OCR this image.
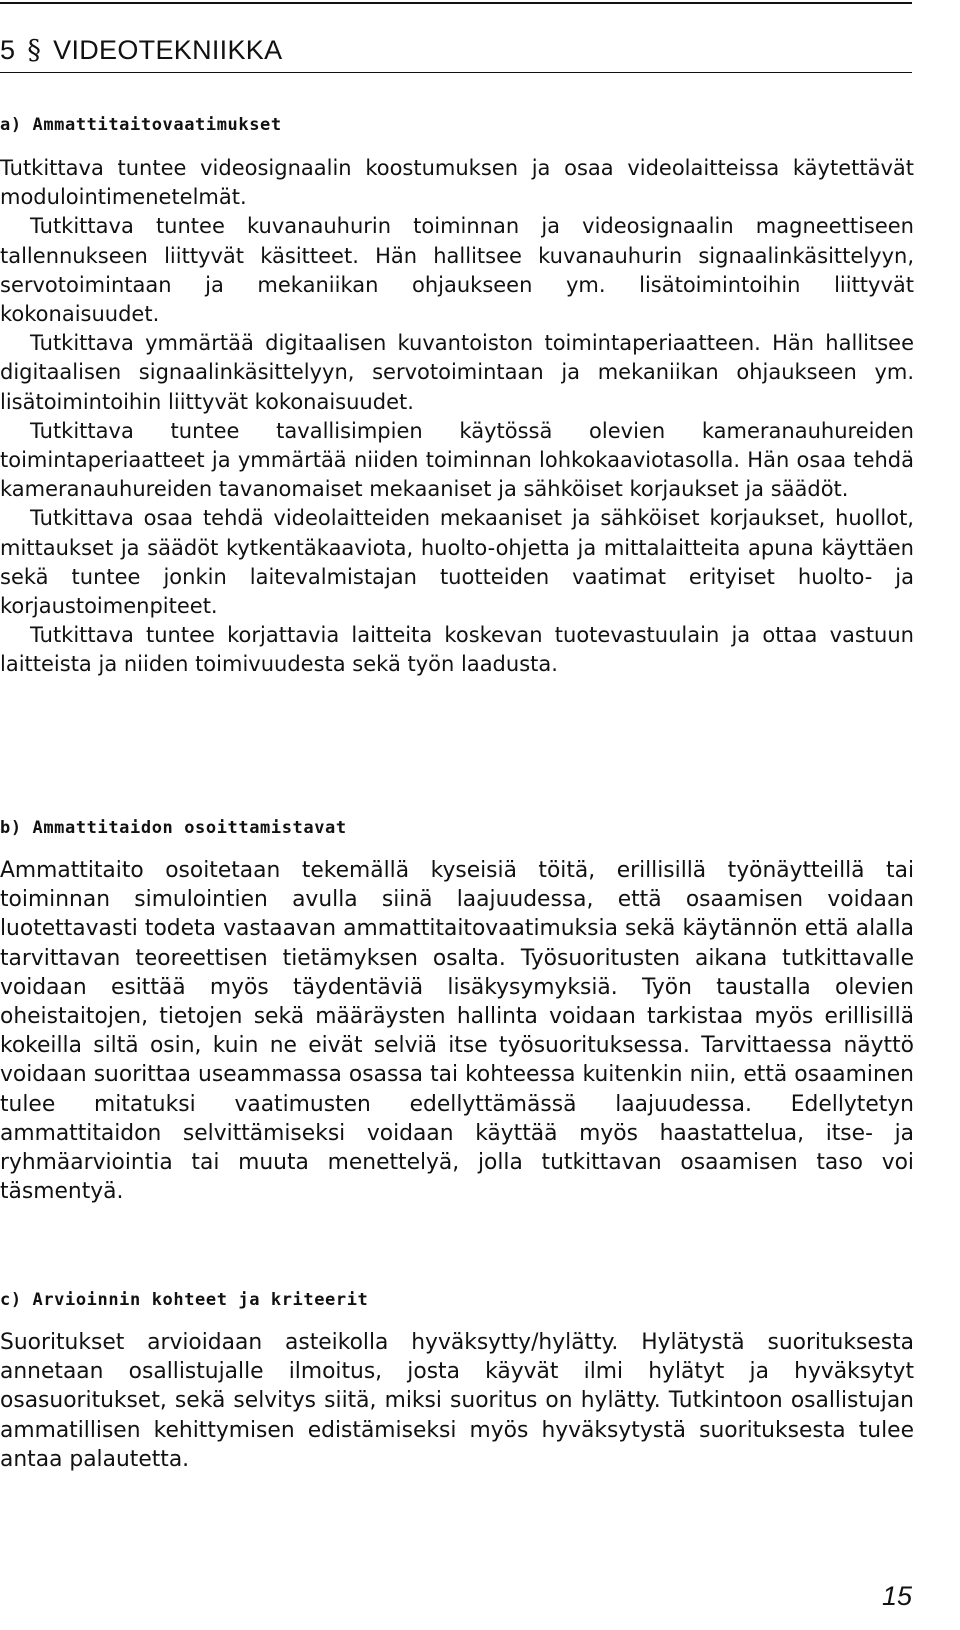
5 § VIDEOTEKNIIKKA
a) Ammattitaitovaatimukset

Tutkittava tuntee videosignaalin koostumuksen ja osaa videolaitteissa käytettävät modulointimenetelmät.

Tutkittava tuntee kuvanauhurin toiminnan ja videosignaalin magneettiseen tallennukseen liittyvät käsitteet. Hän hallitsee kuvanauhurin signaalinkäsittelyyn, servotoimintaan ja mekaniikan ohjaukseen ym. lisätoimintoihin liittyvät kokonaisuudet.

Tutkittava ymmärtää digitaalisen kuvantoiston toimintaperiaatteen. Hän hallitsee digitaalisen signaalinkäsittelyyn, servotoimintaan ja mekaniikan ohjaukseen ym. lisätoimintoihin liittyvät kokonaisuudet.

Tutkittava tuntee tavallisimpien käytössä olevien kameranauhureiden toimintaperiaatteet ja ymmärtää niiden toiminnan lohkokaaviotasolla. Hän osaa tehdä kameranauhureiden tavanomaiset mekaaniset ja sähköiset korjaukset ja säädöt.

Tutkittava osaa tehdä videolaitteiden mekaaniset ja sähköiset korjaukset, huollot, mittaukset ja säädöt kytkentäkaaviota, huolto-ohjetta ja mittalaitteita apuna käyttäen sekä tuntee jonkin laitevalmistajan tuotteiden vaatimat erityiset huolto- ja korjaustoimenpiteet.

Tutkittava tuntee korjattavia laitteita koskevan tuotevastuulain ja ottaa vastuun laitteista ja niiden toimivuudesta sekä työn laadusta.

b) Ammattitaidon osoittamistavat

Ammattitaito osoitetaan tekemällä kyseisiä töitä, erillisillä työnäytteillä tai toiminnan simulointien avulla siinä laajuudessa, että osaamisen voidaan luotettavasti todeta vastaavan ammattitaitovaatimuksia sekä käytännön että alalla tarvittavan teoreettisen tietämyksen osalta. Työsuoritusten aikana tutkittavalle voidaan esittää myös täydentäviä lisäkysymyksiä. Työn taustalla olevien oheistaitojen, tietojen sekä määräysten hallinta voidaan tarkistaa myös erillisillä kokeilla siltä osin, kuin ne eivät selviä itse työsuorituksessa. Tarvittaessa näyttö voidaan suorittaa useammassa osassa tai kohteessa kuitenkin niin, että osaaminen tulee mitatuksi vaatimusten edellyttämässä laajuudessa. Edellytetyn ammattitaidon selvittämiseksi voidaan käyttää myös haastattelua, itse- ja ryhmäarviointia tai muuta menettelyä, jolla tutkittavan osaamisen taso voi täsmentyä.

c) Arvioinnin kohteet ja kriteerit

Suoritukset arvioidaan asteikolla hyväksytty/hylätty. Hylätystä suorituksesta annetaan osallistujalle ilmoitus, josta käyvät ilmi hylätyt ja hyväksytyt osasuoritukset, sekä selvitys siitä, miksi suoritus on hylätty. Tutkintoon osallistujan ammatillisen kehittymisen edistämiseksi myös hyväksytystä suorituksesta tulee antaa palautetta.

15
